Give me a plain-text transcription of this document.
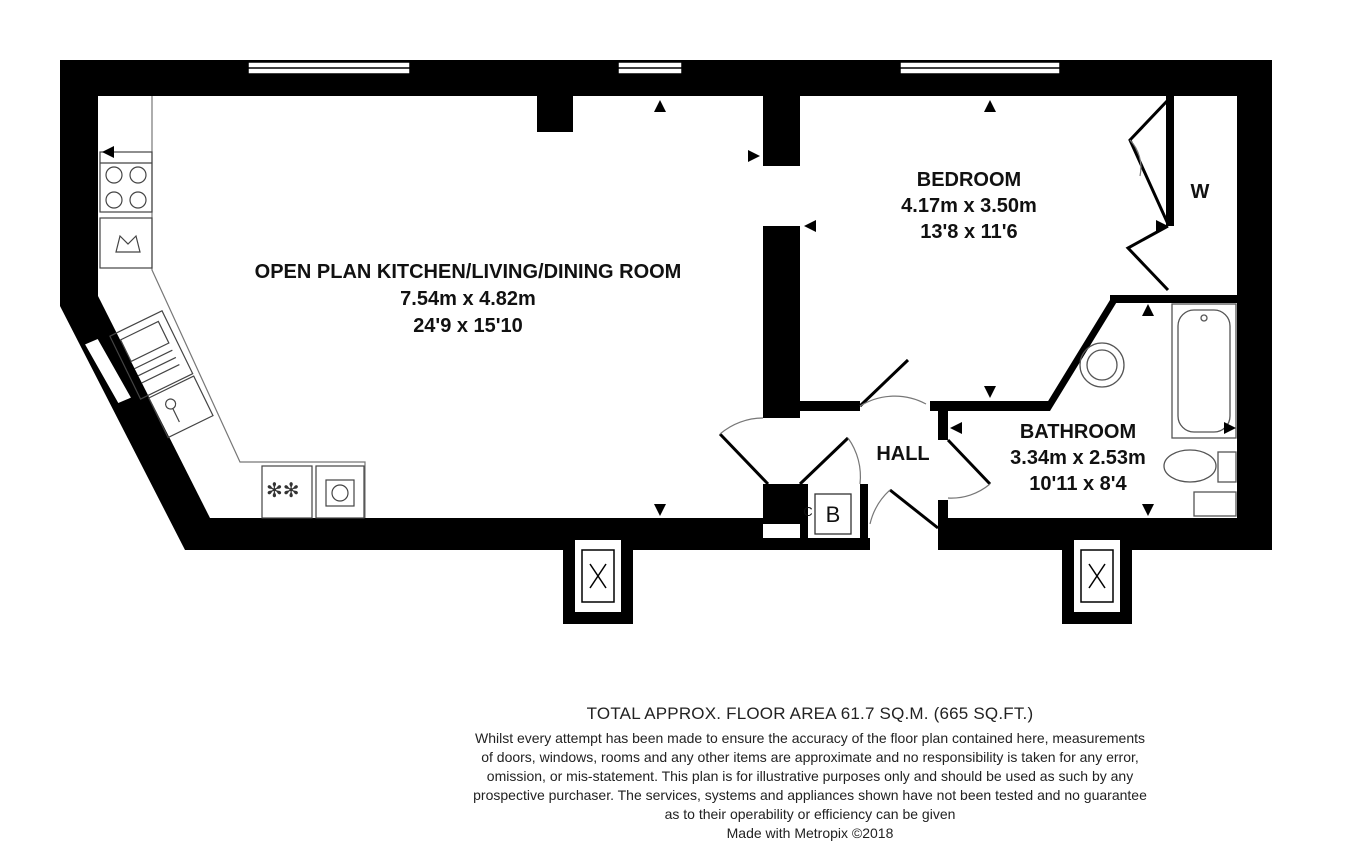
✻✻
OPEN PLAN KITCHEN/LIVING/DINING ROOM
7.54m x 4.82m
24'9 x 15'10
BEDROOM
4.17m x 3.50m
13'8 x 11'6
BATHROOM
3.34m x 2.53m
10'11 x 8'4
HALL
W
B
C
TOTAL APPROX. FLOOR AREA 61.7 SQ.M. (665 SQ.FT.)

Whilst every attempt has been made to ensure the accuracy of the floor plan contained here, measurements

of doors, windows, rooms and any other items are approximate and no responsibility is taken for any error,

omission, or mis-statement. This plan is for illustrative purposes only and should be used as such by any

prospective purchaser. The services, systems and appliances shown have not been tested and no guarantee

as to their operability or efficiency can be given

Made with Metropix ©2018
